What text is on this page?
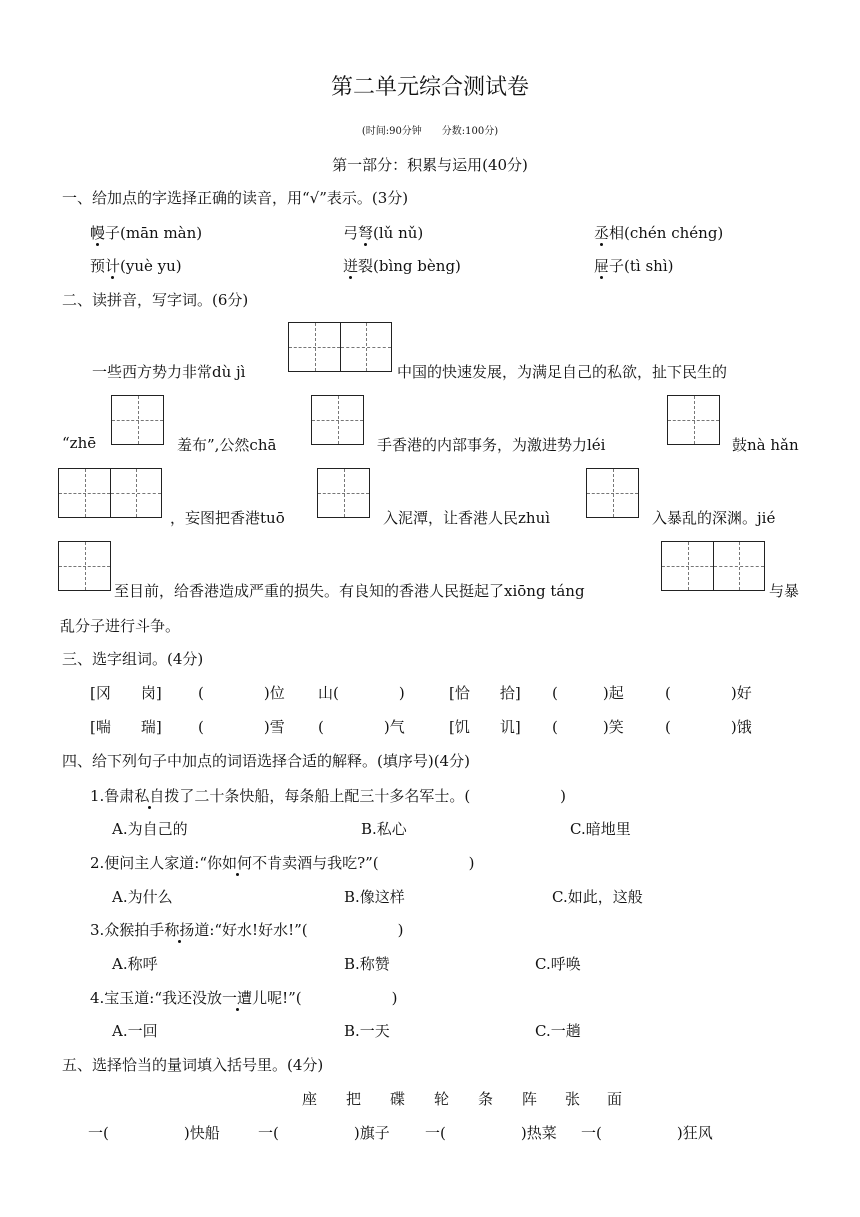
第二单元综合测试卷
(时间:90分钟　　分数:100分)
第一部分：积累与运用(40分)
一、给加点的字选择正确的读音，用“√”表示。(3分)
幔子(mān màn)	弓弩(lǔ nǔ)	丞相(chén chéng)
预计(yuè yu)	迸裂(bìng bèng)	屉子(tì shì)
二、读拼音，写字词。(6分)
一些西方势力非常dù jì	中国的快速发展，为满足自己的私欲，扯下民生的
“zhē	羞布”,公然chā	手香港的内部事务，为激进势力léi	鼓nà hǎn
，妄图把香港tuō	入泥潭，让香港人民zhuì	入暴乱的深渊。jié
至目前，给香港造成严重的损失。有良知的香港人民挺起了xiōng táng	与暴
乱分子进行斗争。
三、选字组词。(4分)
[冈　　岗] (　　　　)位 山(　　　　)	[恰　　拾] (　　　)起	(　　　　)好
[喘　　瑞] (　　　　)雪 (　　　　)气	[饥　　讥] (　　　)笑	(　　　　)饿
四、给下列句子中加点的词语选择合适的解释。(填序号)(4分)
1.鲁肃私自拨了二十条快船，每条船上配三十多名军士。(　　　　　　)
A.为自己的	B.私心	C.暗地里
2.便问主人家道:“你如何不肯卖酒与我吃?”(　　　　　　)
A.为什么	B.像这样	C.如此，这般
3.众猴拍手称扬道:“好水!好水!”(　　　　　　)
A.称呼	B.称赞	C.呼唤
4.宝玉道:“我还没放一遭儿呢!”(　　　　　　)
A.一回	B.一天	C.一趟
五、选择恰当的量词填入括号里。(4分)
座 把 碟 轮 条 阵 张 面
一(　　　　　)快船	一(　　　　　)旗子 一(　　　　　)热菜 一(　　　　　)狂风
